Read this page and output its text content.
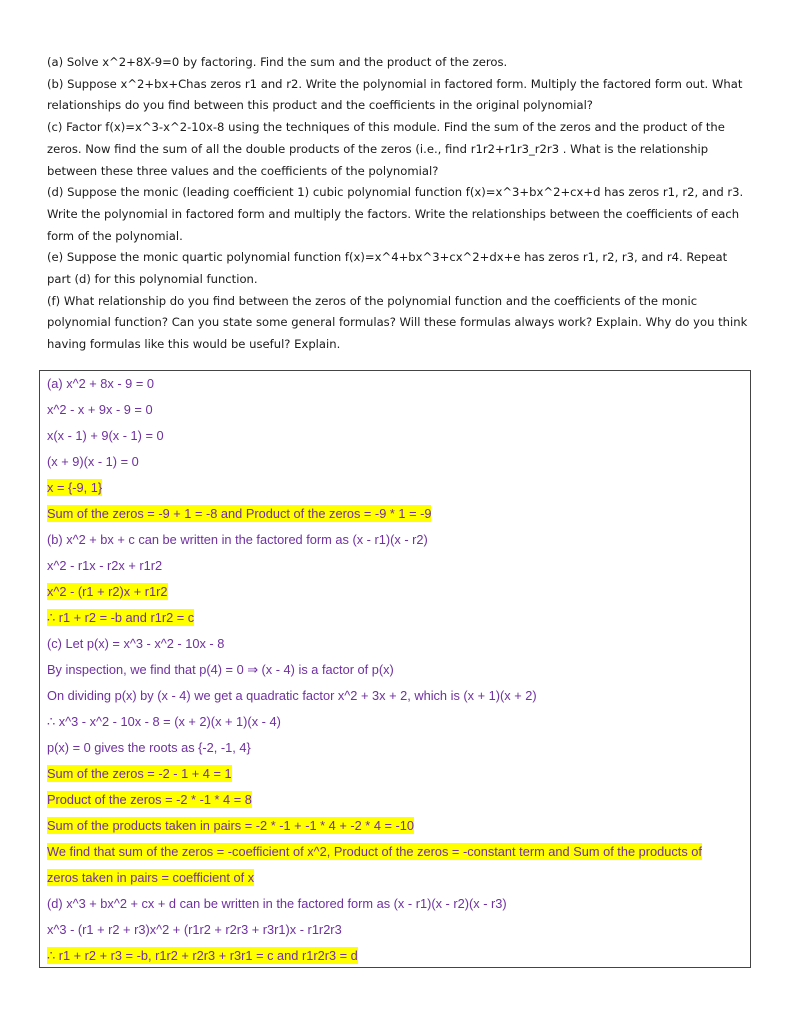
(a) Solve x^2+8X-9=0 by factoring. Find the sum and the product of the zeros.

(b) Suppose x^2+bx+Chas zeros r1 and r2. Write the polynomial in factored form. Multiply the factored form out. What relationships do you find between this product and the coefficients in the original polynomial?

(c) Factor f(x)=x^3-x^2-10x-8 using the techniques of this module. Find the sum of the zeros and the product of the zeros. Now find the sum of all the double products of the zeros (i.e., find r1r2+r1r3_r2r3 . What is the relationship between these three values and the coefficients of the polynomial?

(d) Suppose the monic (leading coefficient 1) cubic polynomial function f(x)=x^3+bx^2+cx+d has zeros r1, r2, and r3. Write the polynomial in factored form and multiply the factors. Write the relationships between the coefficients of each form of the polynomial.

(e) Suppose the monic quartic polynomial function f(x)=x^4+bx^3+cx^2+dx+e has zeros r1, r2, r3, and r4. Repeat part (d) for this polynomial function.

(f) What relationship do you find between the zeros of the polynomial function and the coefficients of the monic polynomial function? Can you state some general formulas? Will these formulas always work? Explain. Why do you think having formulas like this would be useful? Explain.

(a) x^2 + 8x - 9 = 0

x^2 - x + 9x - 9 = 0

x(x - 1) + 9(x - 1) = 0

(x + 9)(x - 1) = 0

x = {-9, 1}

Sum of the zeros = -9 + 1 = -8 and Product of the zeros = -9 * 1 = -9

(b) x^2 + bx + c can be written in the factored form as (x - r1)(x - r2)

x^2 - r1x - r2x + r1r2

x^2 - (r1 + r2)x + r1r2

∴ r1 + r2 = -b and r1r2 = c

(c) Let p(x) = x^3 - x^2 - 10x - 8

By inspection, we find that p(4) = 0 ⇒ (x - 4) is a factor of p(x)

On dividing p(x) by (x - 4) we get a quadratic factor x^2 + 3x + 2, which is (x + 1)(x + 2)

∴ x^3 - x^2 - 10x - 8 = (x + 2)(x + 1)(x - 4)

p(x) = 0 gives the roots as {-2, -1, 4}

Sum of the zeros = -2 - 1 + 4 = 1

Product of the zeros = -2 * -1 * 4 = 8

Sum of the products taken in pairs = -2 * -1 + -1 * 4 + -2 * 4 = -10

We find that sum of the zeros = -coefficient of x^2, Product of the zeros = -constant term and Sum of the products of

zeros taken in pairs = coefficient of x

(d) x^3 + bx^2 + cx + d can be written in the factored form as (x - r1)(x - r2)(x - r3)

x^3 - (r1 + r2 + r3)x^2 + (r1r2 + r2r3 + r3r1)x - r1r2r3

∴ r1 + r2 + r3 = -b, r1r2 + r2r3 + r3r1 = c and r1r2r3 = d
